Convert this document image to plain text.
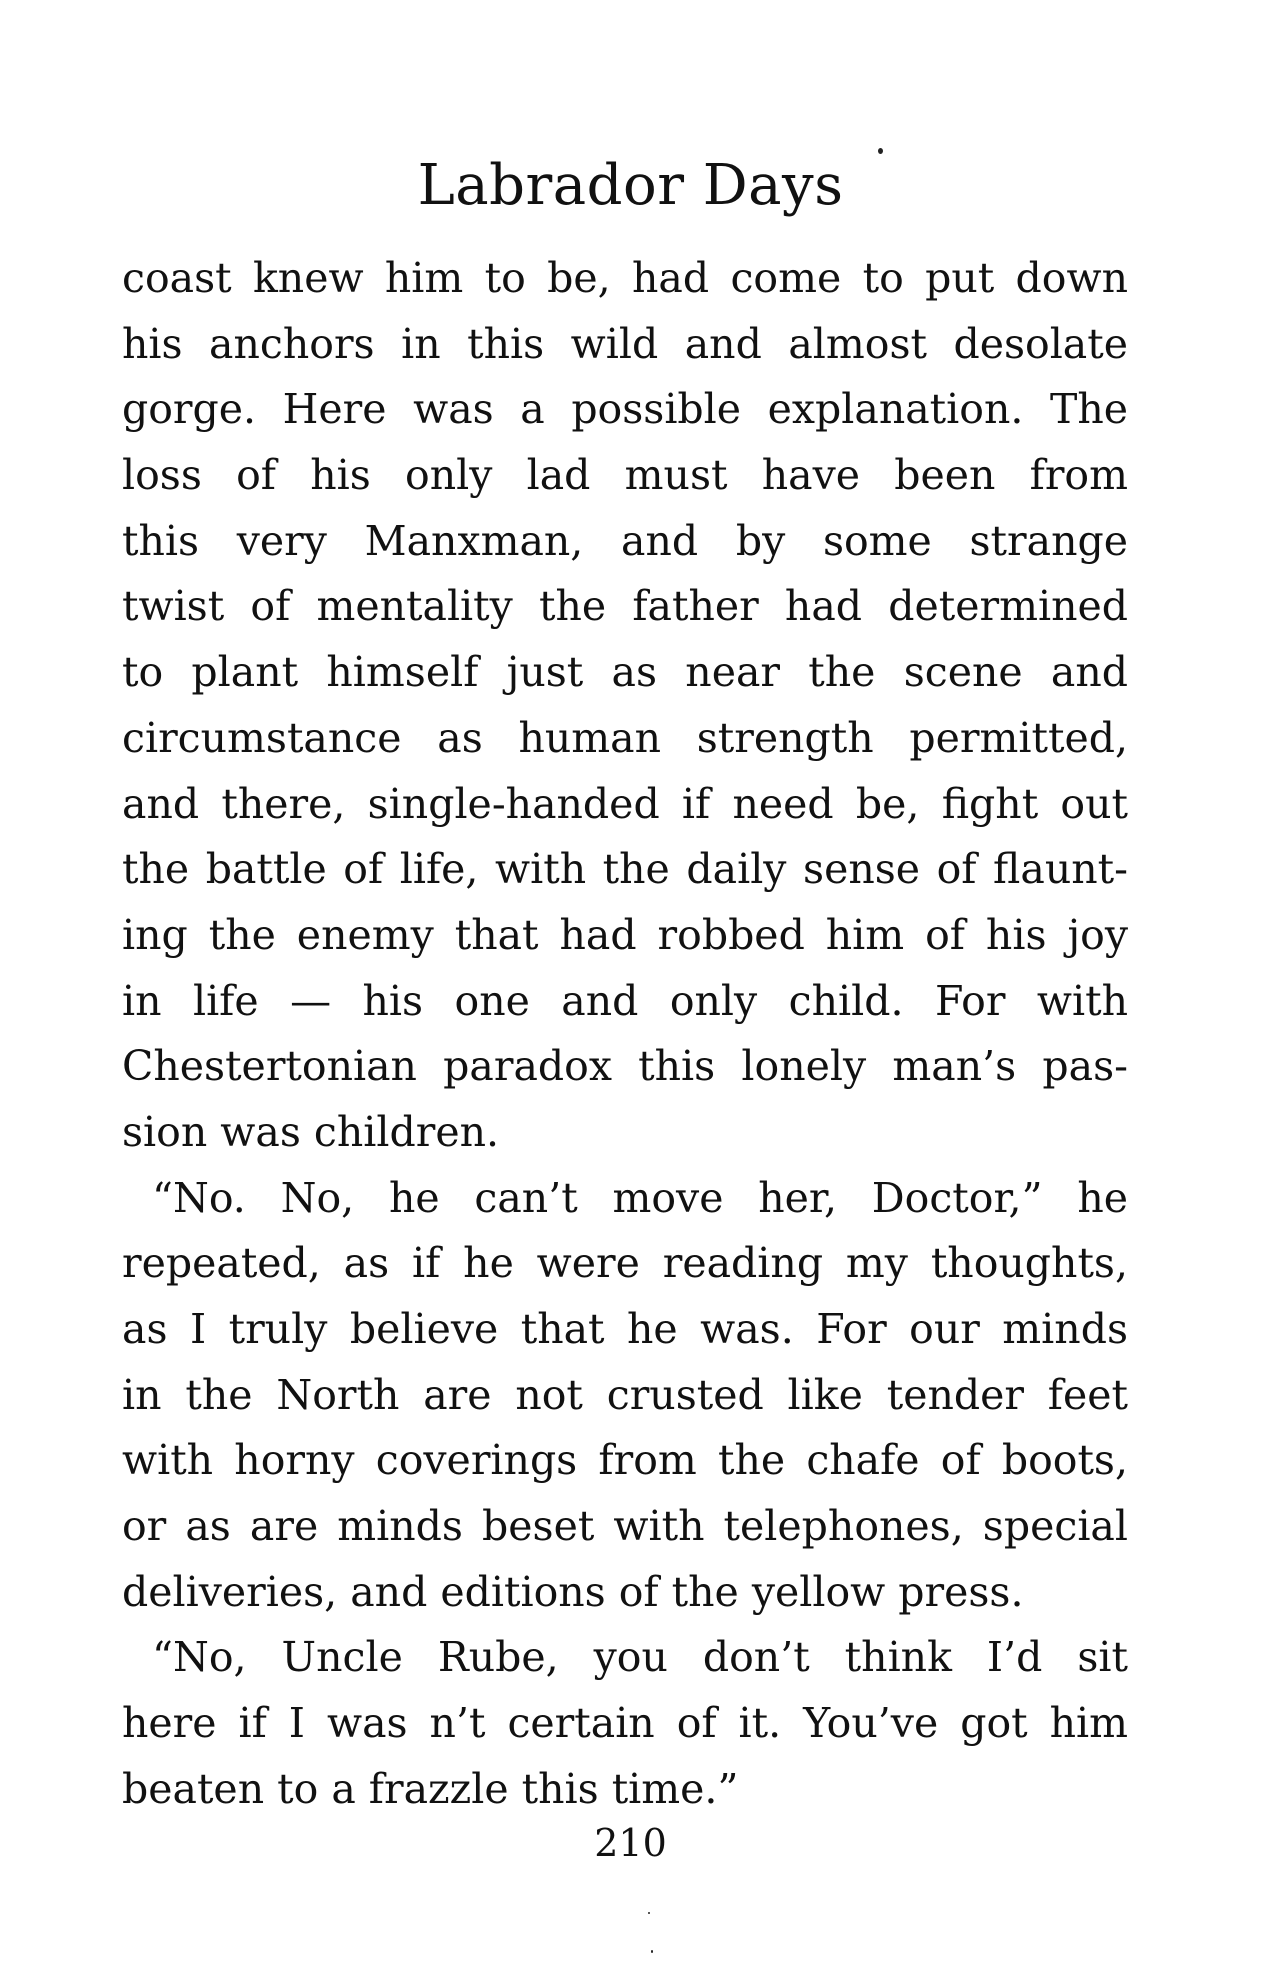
Labrador Days
coast knew him to be, had come to put down
his anchors in this wild and almost desolate
gorge. Here was a possible explanation. The
loss of his only lad must have been from
this very Manxman, and by some strange
twist of mentality the father had determined
to plant himself just as near the scene and
circumstance as human strength permitted,
and there, single-handed if need be, fight out
the battle of life, with the daily sense of flaunt-
ing the enemy that had robbed him of his joy
in life — his one and only child. For with
Chestertonian paradox this lonely man’s pas-
sion was children.
“No. No, he can’t move her, Doctor,” he
repeated, as if he were reading my thoughts,
as I truly believe that he was. For our minds
in the North are not crusted like tender feet
with horny coverings from the chafe of boots,
or as are minds beset with telephones, special
deliveries, and editions of the yellow press.
“No, Uncle Rube, you don’t think I’d sit
here if I was n’t certain of it. You’ve got him
beaten to a frazzle this time.”
210
